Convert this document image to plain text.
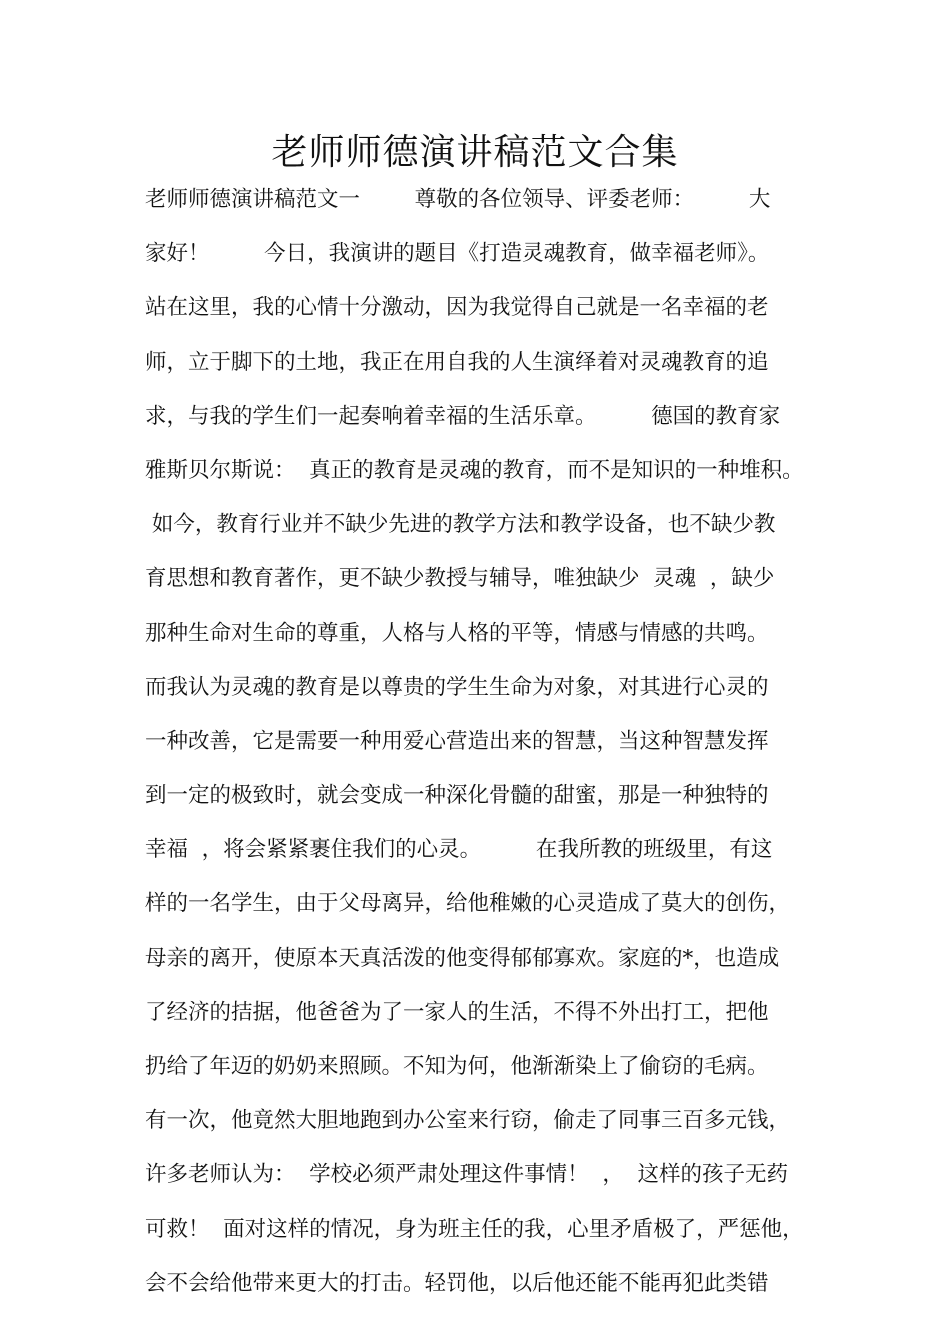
老师师德演讲稿范文合集
老师师德演讲稿范文一        尊敬的各位领导、评委老师：        大
家好！        今日，我演讲的题目《打造灵魂教育，做幸福老师》。
站在这里，我的心情十分激动，因为我觉得自己就是一名幸福的老
师，立于脚下的土地，我正在用自我的人生演绎着对灵魂教育的追
求，与我的学生们一起奏响着幸福的生活乐章。        德国的教育家
雅斯贝尔斯说：  真正的教育是灵魂的教育，而不是知识的一种堆积。
如今，教育行业并不缺少先进的教学方法和教学设备，也不缺少教
育思想和教育著作，更不缺少教授与辅导，唯独缺少  灵魂  ，缺少
那种生命对生命的尊重，人格与人格的平等，情感与情感的共鸣。
而我认为灵魂的教育是以尊贵的学生生命为对象，对其进行心灵的
一种改善，它是需要一种用爱心营造出来的智慧，当这种智慧发挥
到一定的极致时，就会变成一种深化骨髓的甜蜜，那是一种独特的
幸福  ，将会紧紧裹住我们的心灵。        在我所教的班级里，有这
样的一名学生，由于父母离异，给他稚嫩的心灵造成了莫大的创伤，
母亲的离开，使原本天真活泼的他变得郁郁寡欢。家庭的*，也造成
了经济的拮据，他爸爸为了一家人的生活，不得不外出打工，把他
扔给了年迈的奶奶来照顾。不知为何，他渐渐染上了偷窃的毛病。
有一次，他竟然大胆地跑到办公室来行窃，偷走了同事三百多元钱，
许多老师认为：  学校必须严肃处理这件事情！  ，  这样的孩子无药
可救！  面对这样的情况，身为班主任的我，心里矛盾极了，严惩他，
会不会给他带来更大的打击。轻罚他，以后他还能不能再犯此类错
